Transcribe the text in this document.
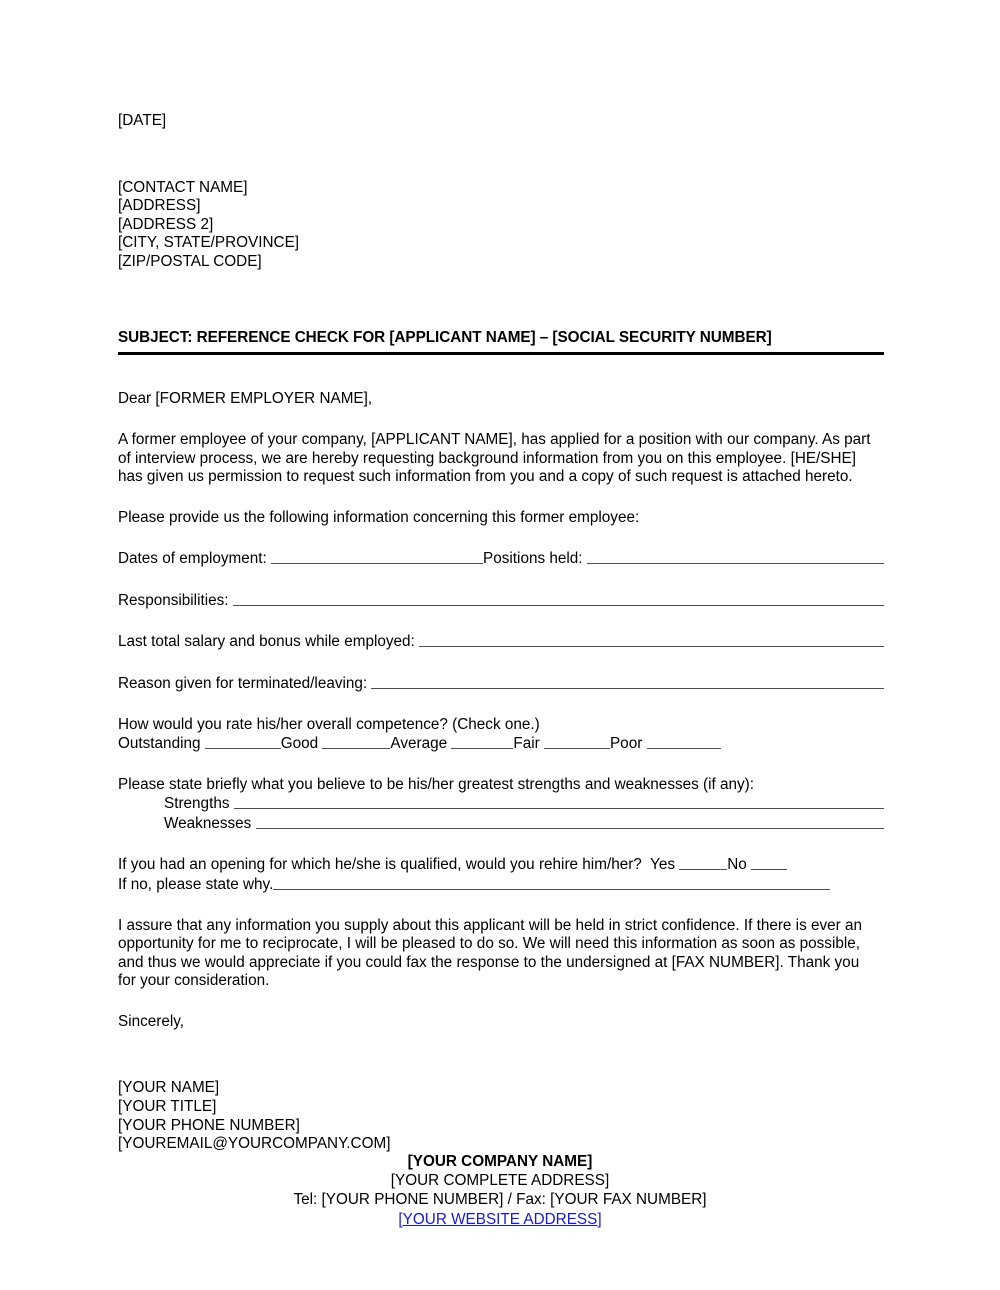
[DATE]
[CONTACT NAME]
[ADDRESS]
[ADDRESS 2]
[CITY, STATE/PROVINCE]
[ZIP/POSTAL CODE]
SUBJECT: REFERENCE CHECK FOR [APPLICANT NAME] – [SOCIAL SECURITY NUMBER]
Dear [FORMER EMPLOYER NAME],
A former employee of your company, [APPLICANT NAME], has applied for a position with our company. As part of interview process, we are hereby requesting background information from you on this employee. [HE/SHE] has given us permission to request such information from you and a copy of such request is attached hereto.
Please provide us the following information concerning this former employee:
Dates of employment:	Positions held:
Responsibilities:
Last total salary and bonus while employed:
Reason given for terminated/leaving:
How would you rate his/her overall competence? (Check one.)
Outstanding	Good	Average	Fair	Poor
Please state briefly what you believe to be his/her greatest strengths and weaknesses (if any):
Strengths
Weaknesses
If you had an opening for which he/she is qualified, would you rehire him/her?  Yes	No
If no, please state why.
I assure that any information you supply about this applicant will be held in strict confidence. If there is ever an opportunity for me to reciprocate, I will be pleased to do so. We will need this information as soon as possible, and thus we would appreciate if you could fax the response to the undersigned at [FAX NUMBER]. Thank you for your consideration.
Sincerely,
[YOUR NAME]
[YOUR TITLE]
[YOUR PHONE NUMBER]
[YOUREMAIL@YOURCOMPANY.COM]
[YOUR COMPANY NAME]
[YOUR COMPLETE ADDRESS]
Tel: [YOUR PHONE NUMBER] / Fax: [YOUR FAX NUMBER]
[YOUR WEBSITE ADDRESS]
